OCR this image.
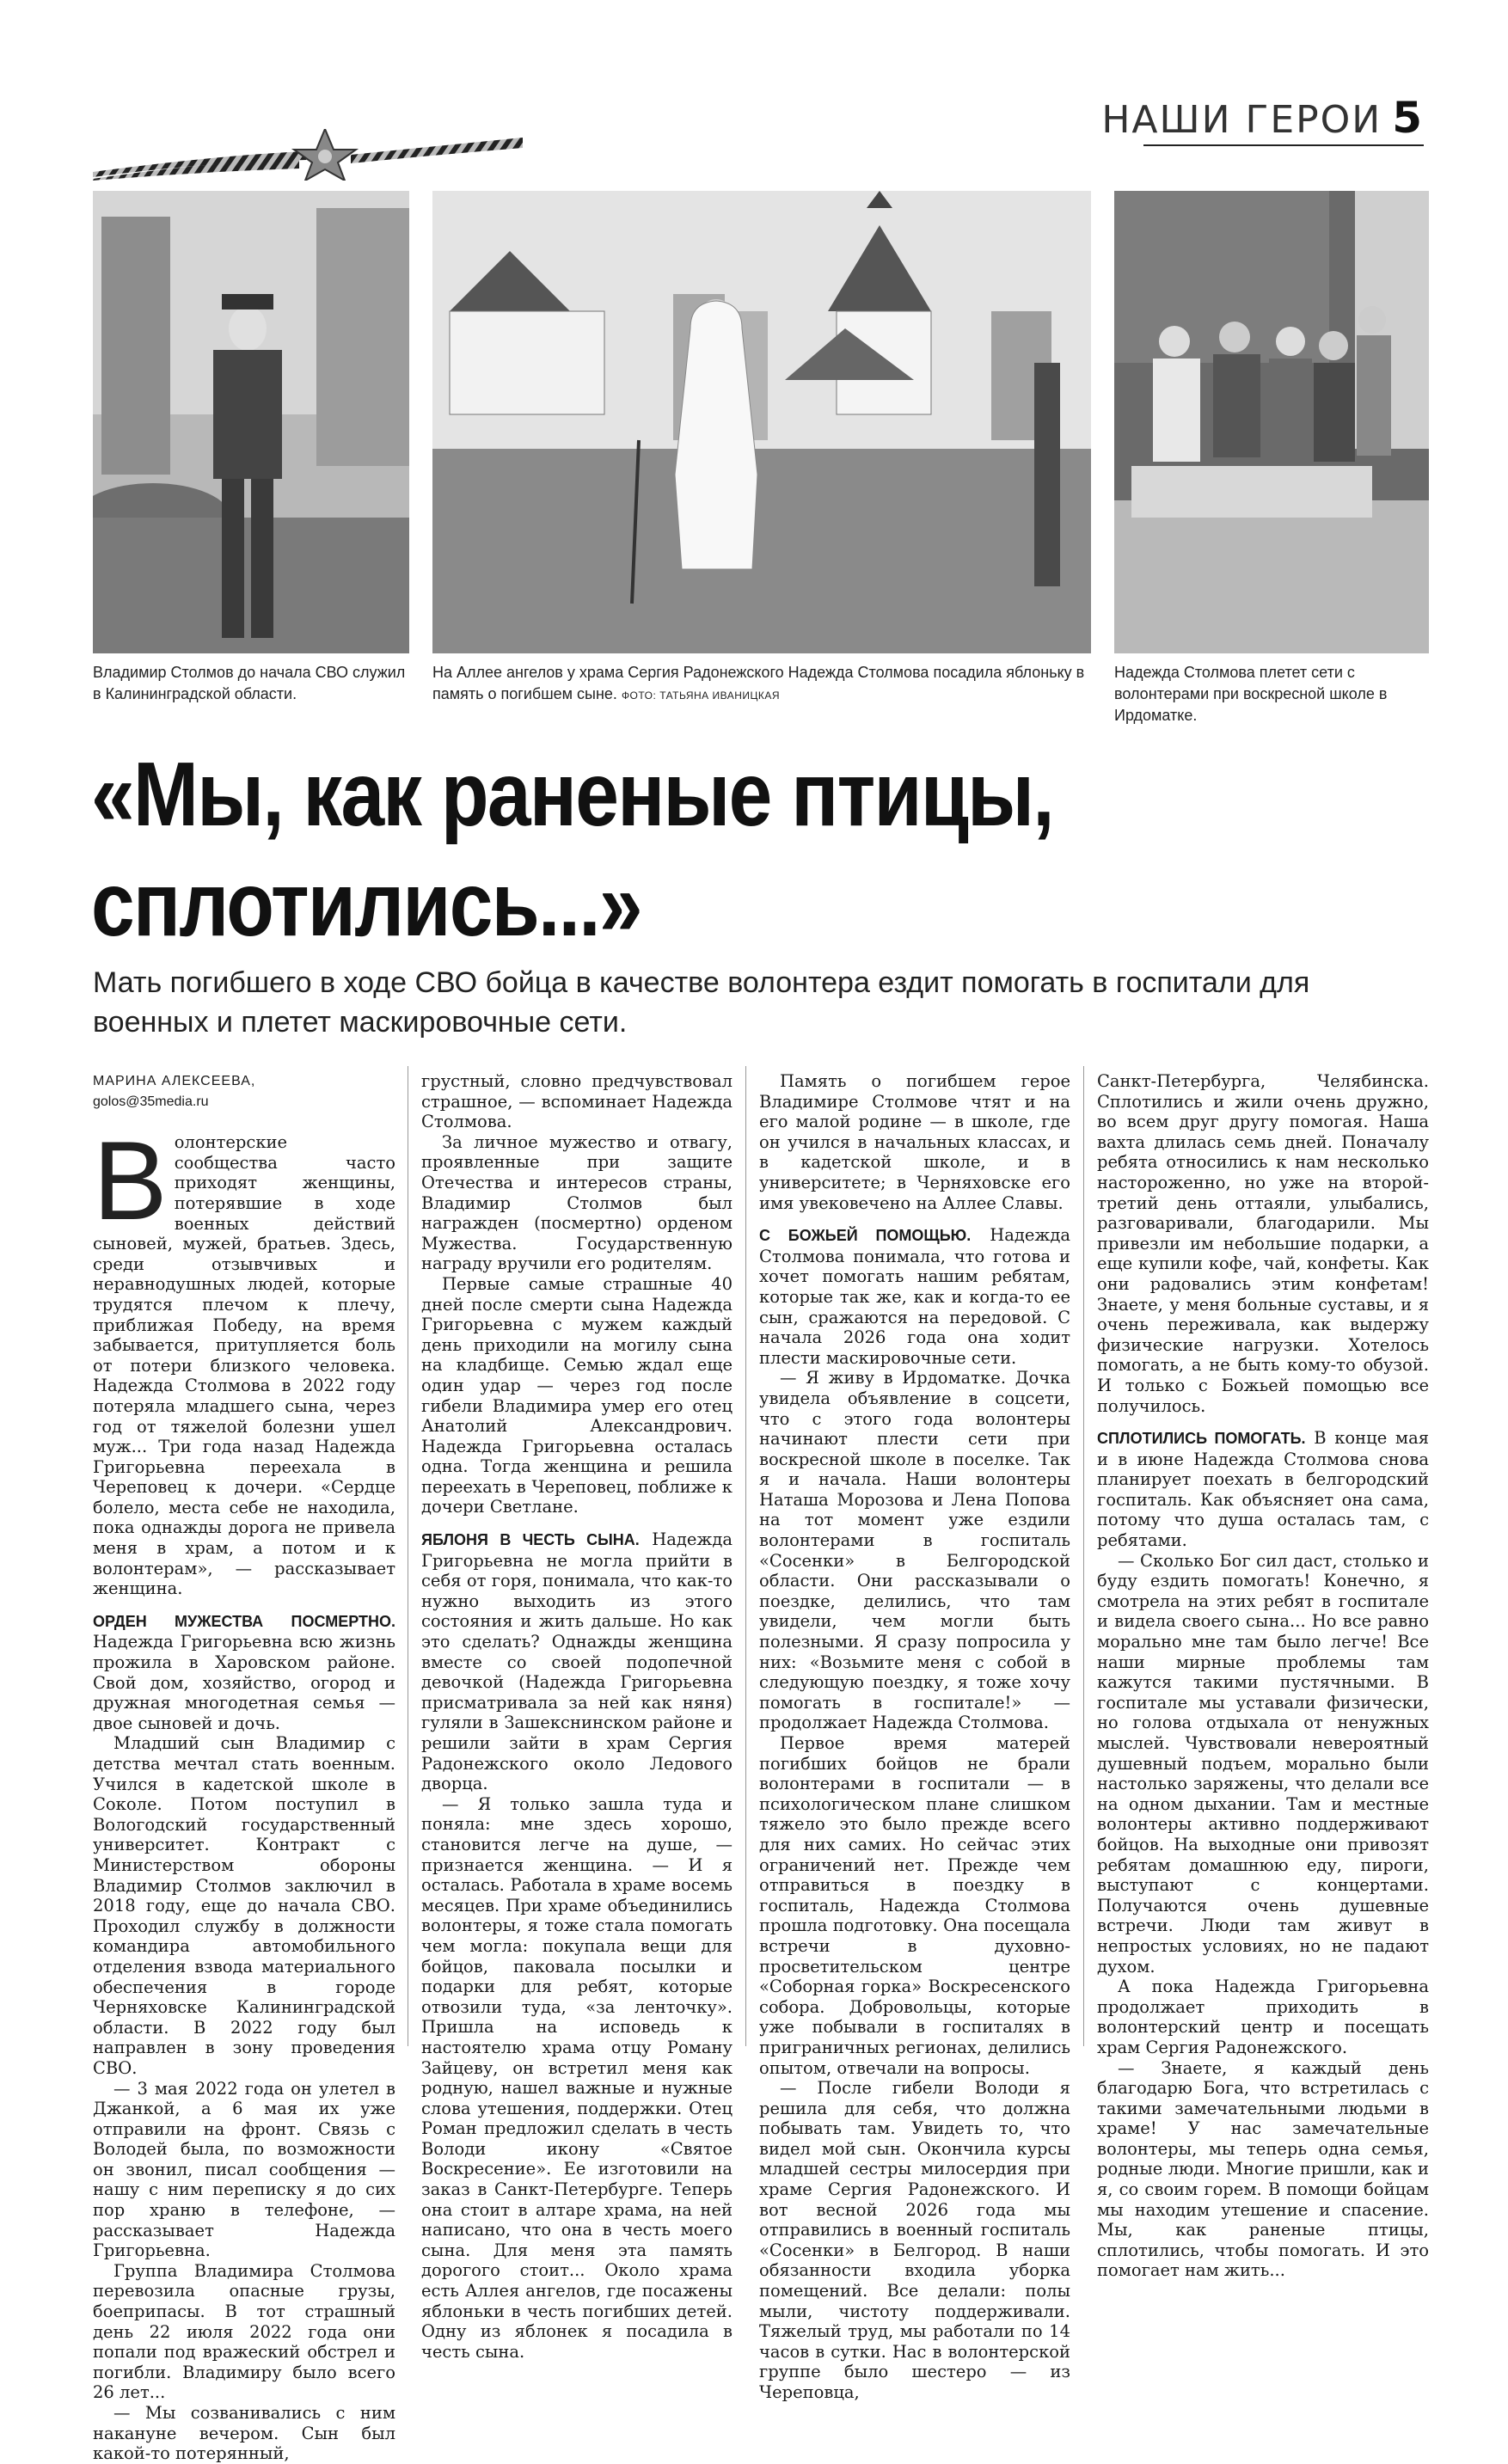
НАШИ ГЕРОИ 5
Владимир Столмов до начала СВО служил в Калининградской области.
На Аллее ангелов у храма Сергия Радонежского Надежда Столмова посадила яблоньку в память о погибшем сыне. ФОТО: ТАТЬЯНА ИВАНИЦКАЯ
Надежда Столмова плетет сети с волонтерами при воскресной школе в Ирдоматке.
«Мы, как раненые птицы, сплотились...»
Мать погибшего в ходе СВО бойца в качестве волонтера ездит помогать в госпитали для военных и плетет маскировочные сети.
МАРИНА АЛЕКСЕЕВА,
golos@35media.ru
В олонтерские сообщества часто приходят женщины, потерявшие в ходе военных действий сыновей, мужей, братьев. Здесь, среди отзывчивых и неравнодушных людей, которые трудятся плечом к плечу, приближая Победу, на время забывается, притупляется боль от потери близкого человека. Надежда Столмова в 2022 году потеряла младшего сына, через год от тяжелой болезни ушел муж... Три года назад Надежда Григорьевна переехала в Череповец к дочери. «Сердце болело, места себе не находила, пока однажды дорога не привела меня в храм, а потом и к волонтерам», — рассказывает женщина.

ОРДЕН МУЖЕСТВА ПОСМЕРТНО. Надежда Григорьевна всю жизнь прожила в Харовском районе. Свой дом, хозяйство, огород и дружная многодетная семья — двое сыновей и дочь.

Младший сын Владимир с детства мечтал стать военным. Учился в кадетской школе в Соколе. Потом поступил в Вологодский государственный университет. Контракт с Министерством обороны Владимир Столмов заключил в 2018 году, еще до начала СВО. Проходил службу в должности командира автомобильного отделения взвода материального обеспечения в городе Черняховске Калининградской области. В 2022 году был направлен в зону проведения СВО.

— 3 мая 2022 года он улетел в Джанкой, а 6 мая их уже отправили на фронт. Связь с Володей была, по возможности он звонил, писал сообщения — нашу с ним переписку я до сих пор храню в телефоне, — рассказывает Надежда Григорьевна.

Группа Владимира Столмова перевозила опасные грузы, боеприпасы. В тот страшный день 22 июля 2022 года они попали под вражеский обстрел и погибли. Владимиру было всего 26 лет...

— Мы созванивались с ним накануне вечером. Сын был какой-то потерянный,

грустный, словно предчувствовал страшное, — вспоминает Надежда Столмова.

За личное мужество и отвагу, проявленные при защите Отечества и интересов страны, Владимир Столмов был награжден (посмертно) орденом Мужества. Государственную награду вручили его родителям.

Первые самые страшные 40 дней после смерти сына Надежда Григорьевна с мужем каждый день приходили на могилу сына на кладбище. Семью ждал еще один удар — через год после гибели Владимира умер его отец Анатолий Александрович. Надежда Григорьевна осталась одна. Тогда женщина и решила переехать в Череповец, поближе к дочери Светлане.

ЯБЛОНЯ В ЧЕСТЬ СЫНА. Надежда Григорьевна не могла прийти в себя от горя, понимала, что как-то нужно выходить из этого состояния и жить дальше. Но как это сделать? Однажды женщина вместе со своей подопечной девочкой (Надежда Григорьевна присматривала за ней как няня) гуляли в Зашекснинском районе и решили зайти в храм Сергия Радонежского около Ледового дворца.

— Я только зашла туда и поняла: мне здесь хорошо, становится легче на душе, — признается женщина. — И я осталась. Работала в храме восемь месяцев. При храме объединились волонтеры, я тоже стала помогать чем могла: покупала вещи для бойцов, паковала посылки и подарки для ребят, которые отвозили туда, «за ленточку». Пришла на исповедь к настоятелю храма отцу Роману Зайцеву, он встретил меня как родную, нашел важные и нужные слова утешения, поддержки. Отец Роман предложил сделать в честь Володи икону «Святое Воскресение». Ее изготовили на заказ в Санкт-Петербурге. Теперь она стоит в алтаре храма, на ней написано, что она в честь моего сына. Для меня эта память дорогого стоит... Около храма есть Аллея ангелов, где посажены яблоньки в честь погибших детей. Одну из яблонек я посадила в честь сына.

Память о погибшем герое Владимире Столмове чтят и на его малой родине — в школе, где он учился в начальных классах, и в кадетской школе, и в университете; в Черняховске его имя увековечено на Аллее Славы.

С БОЖЬЕЙ ПОМОЩЬЮ. Надежда Столмова понимала, что готова и хочет помогать нашим ребятам, которые так же, как и когда-то ее сын, сражаются на передовой. С начала 2026 года она ходит плести маскировочные сети.

— Я живу в Ирдоматке. Дочка увидела объявление в соцсети, что с этого года волонтеры начинают плести сети при воскресной школе в поселке. Так я и начала. Наши волонтеры Наташа Морозова и Лена Попова на тот момент уже ездили волонтерами в госпиталь «Сосенки» в Белгородской области. Они рассказывали о поездке, делились, что там увидели, чем могли быть полезными. Я сразу попросила у них: «Возьмите меня с собой в следующую поездку, я тоже хочу помогать в госпитале!» — продолжает Надежда Столмова.

Первое время матерей погибших бойцов не брали волонтерами в госпитали — в психологическом плане слишком тяжело это было прежде всего для них самих. Но сейчас этих ограничений нет. Прежде чем отправиться в поездку в госпиталь, Надежда Столмова прошла подготовку. Она посещала встречи в духовно-просветительском центре «Соборная горка» Воскресенского собора. Добровольцы, которые уже побывали в госпиталях в приграничных регионах, делились опытом, отвечали на вопросы.

— После гибели Володи я решила для себя, что должна побывать там. Увидеть то, что видел мой сын. Окончила курсы младшей сестры милосердия при храме Сергия Радонежского. И вот весной 2026 года мы отправились в военный госпиталь «Сосенки» в Белгород. В наши обязанности входила уборка помещений. Все делали: полы мыли, чистоту поддерживали. Тяжелый труд, мы работали по 14 часов в сутки. Нас в волонтерской группе было шестеро — из Череповца,

Санкт-Петербурга, Челябинска. Сплотились и жили очень дружно, во всем друг другу помогая. Наша вахта длилась семь дней. Поначалу ребята относились к нам несколько настороженно, но уже на второй-третий день оттаяли, улыбались, разговаривали, благодарили. Мы привезли им небольшие подарки, а еще купили кофе, чай, конфеты. Как они радовались этим конфетам! Знаете, у меня больные суставы, и я очень переживала, как выдержу физические нагрузки. Хотелось помогать, а не быть кому-то обузой. И только с Божьей помощью все получилось.

СПЛОТИЛИСЬ ПОМОГАТЬ. В конце мая и в июне Надежда Столмова снова планирует поехать в белгородский госпиталь. Как объясняет она сама, потому что душа осталась там, с ребятами.

— Сколько Бог сил даст, столько и буду ездить помогать! Конечно, я смотрела на этих ребят в госпитале и видела своего сына... Но все равно морально мне там было легче! Все наши мирные проблемы там кажутся такими пустячными. В госпитале мы уставали физически, но голова отдыхала от ненужных мыслей. Чувствовали невероятный душевный подъем, морально были настолько заряжены, что делали все на одном дыхании. Там и местные волонтеры активно поддерживают бойцов. На выходные они привозят ребятам домашнюю еду, пироги, выступают с концертами. Получаются очень душевные встречи. Люди там живут в непростых условиях, но не падают духом.

А пока Надежда Григорьевна продолжает приходить в волонтерский центр и посещать храм Сергия Радонежского.

— Знаете, я каждый день благодарю Бога, что встретилась с такими замечательными людьми в храме! У нас замечательные волонтеры, мы теперь одна семья, родные люди. Многие пришли, как и я, со своим горем. В помощи бойцам мы находим утешение и спасение. Мы, как раненые птицы, сплотились, чтобы помогать. И это помогает нам жить...
